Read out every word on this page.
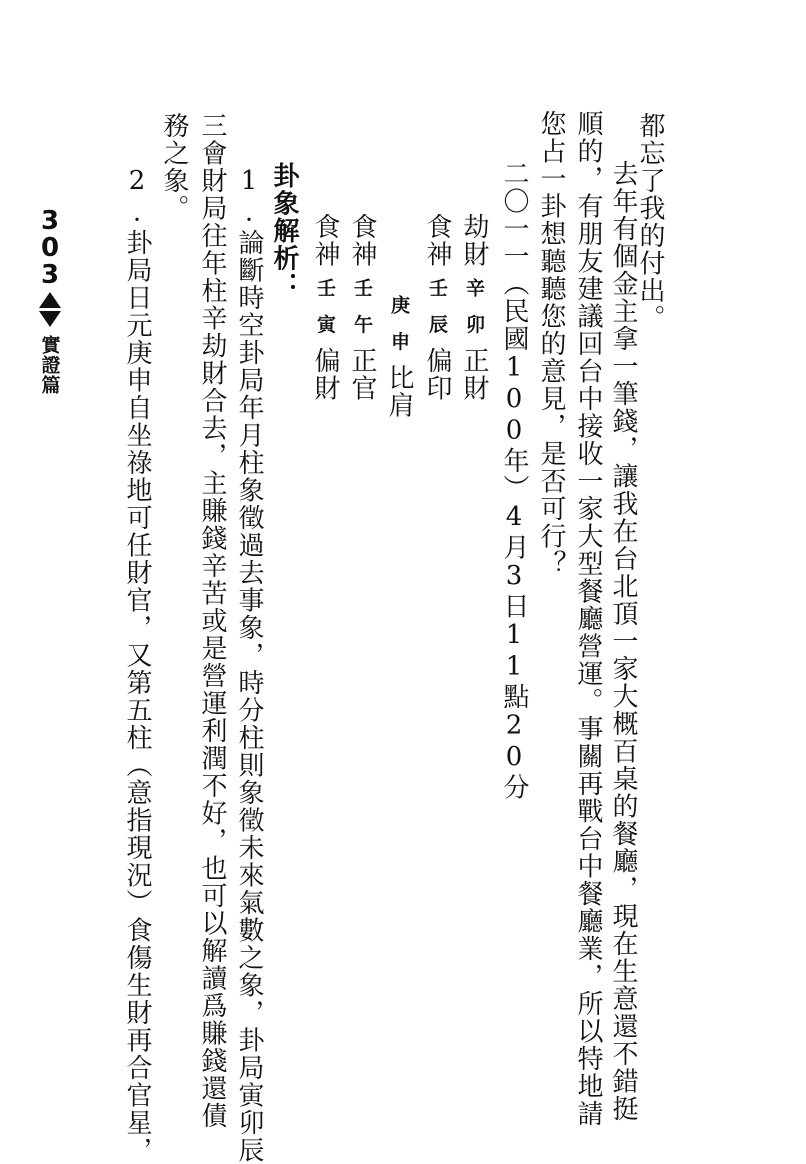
都忘了我的付出。
去年有個金主拿一筆錢，讓我在台北頂一家大概百桌的餐廳，現在生意還不錯挺
順的，有朋友建議回台中接收一家大型餐廳營運。事關再戰台中餐廳業，所以特地請
您占一卦想聽聽您的意見，是否可行？
二〇一一（民國100年）4月3日11點20分
劫財辛卯正財
食神壬辰偏印
庚申比肩
食神壬午正官
食神壬寅偏財
卦象解析：
1.論斷時空卦局年月柱象徵過去事象，時分柱則象徵未來氣數之象，卦局寅卯辰
三會財局往年柱辛劫財合去，主賺錢辛苦或是營運利潤不好，也可以解讀爲賺錢還債
務之象。
2.卦局日元庚申自坐祿地可任財官，又第五柱（意指現況）食傷生財再合官星，
3
0
3
實證篇
